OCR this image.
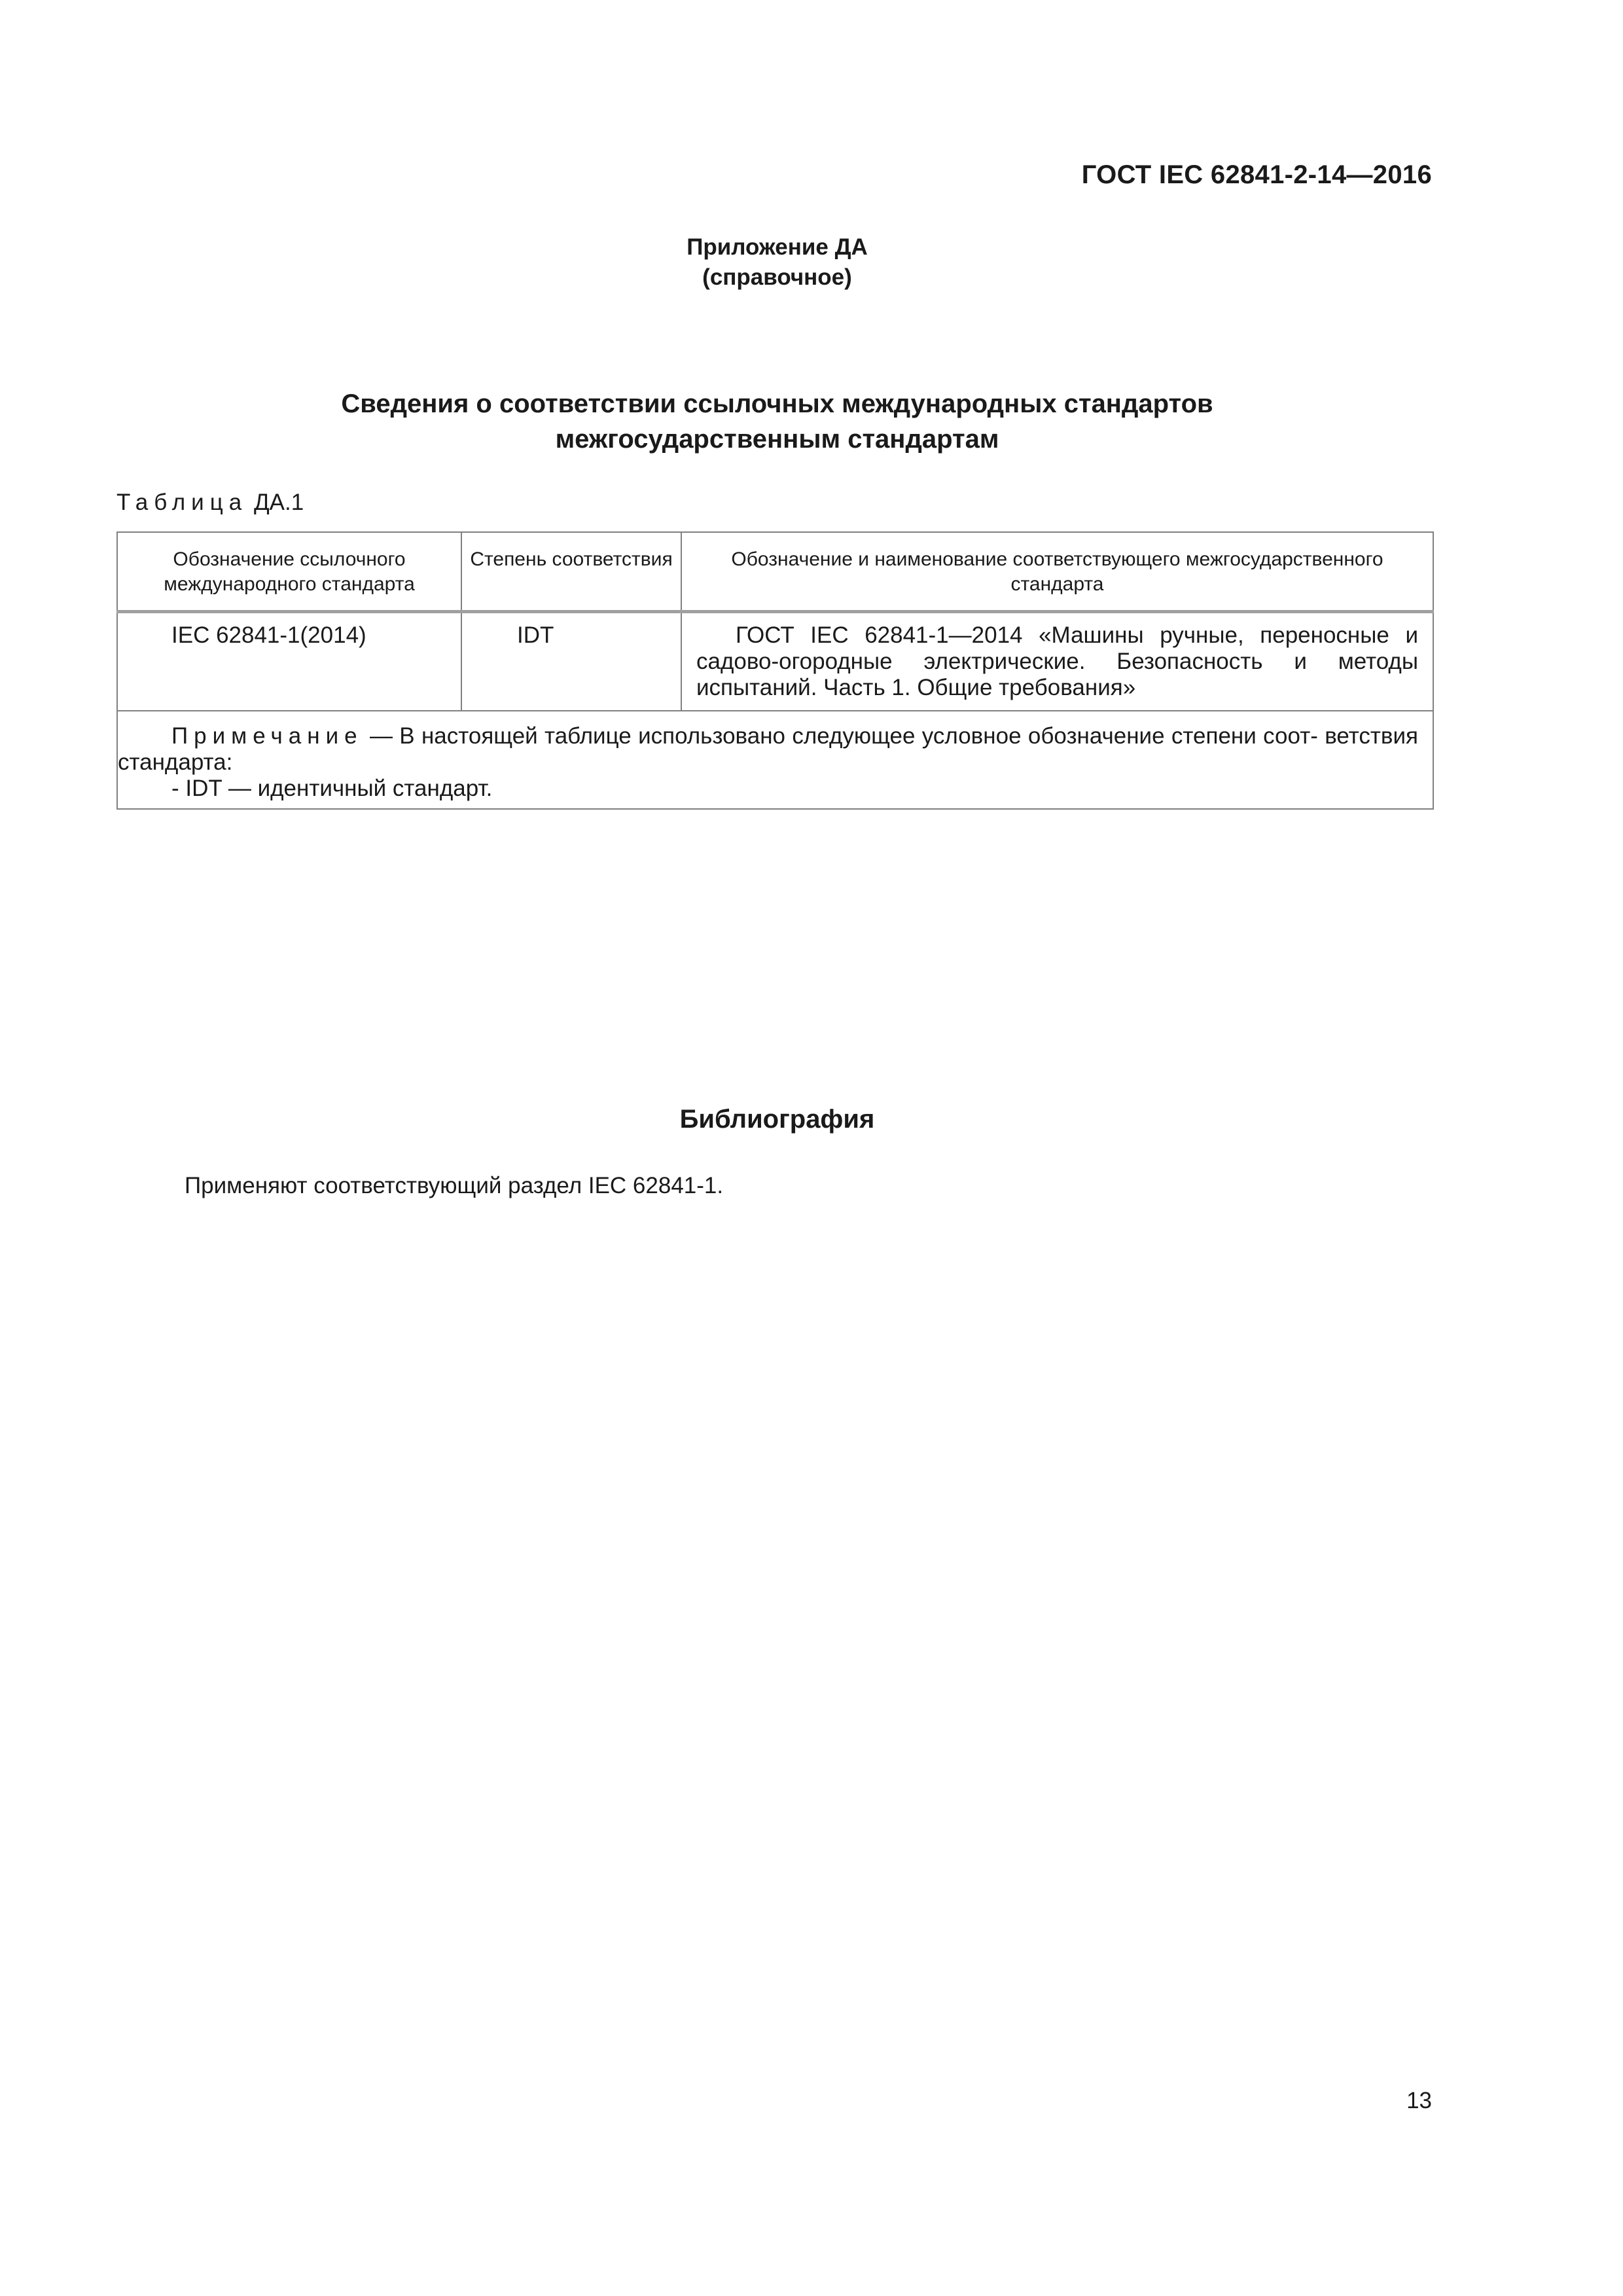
ГОСТ IEC 62841-2-14—2016
Приложение ДА
(справочное)
Сведения о соответствии ссылочных международных стандартов
межгосударственным стандартам
Таблица ДА.1
Обозначение ссылочного международного стандарта	Степень соответствия	Обозначение и наименование соответствующего межгосударственного стандарта
IEC 62841-1(2014)	IDT	ГОСТ IEC 62841-1—2014 «Машины ручные, переносные и садово-огородные электрические. Безопасность и методы испытаний. Часть 1. Общие требования»

Примечание — В настоящей таблице использовано следующее условное обозначение степени соот- ветствия стандарта:
- IDT — идентичный стандарт.		
Библиография
Применяют соответствующий раздел IEC 62841-1.
13
